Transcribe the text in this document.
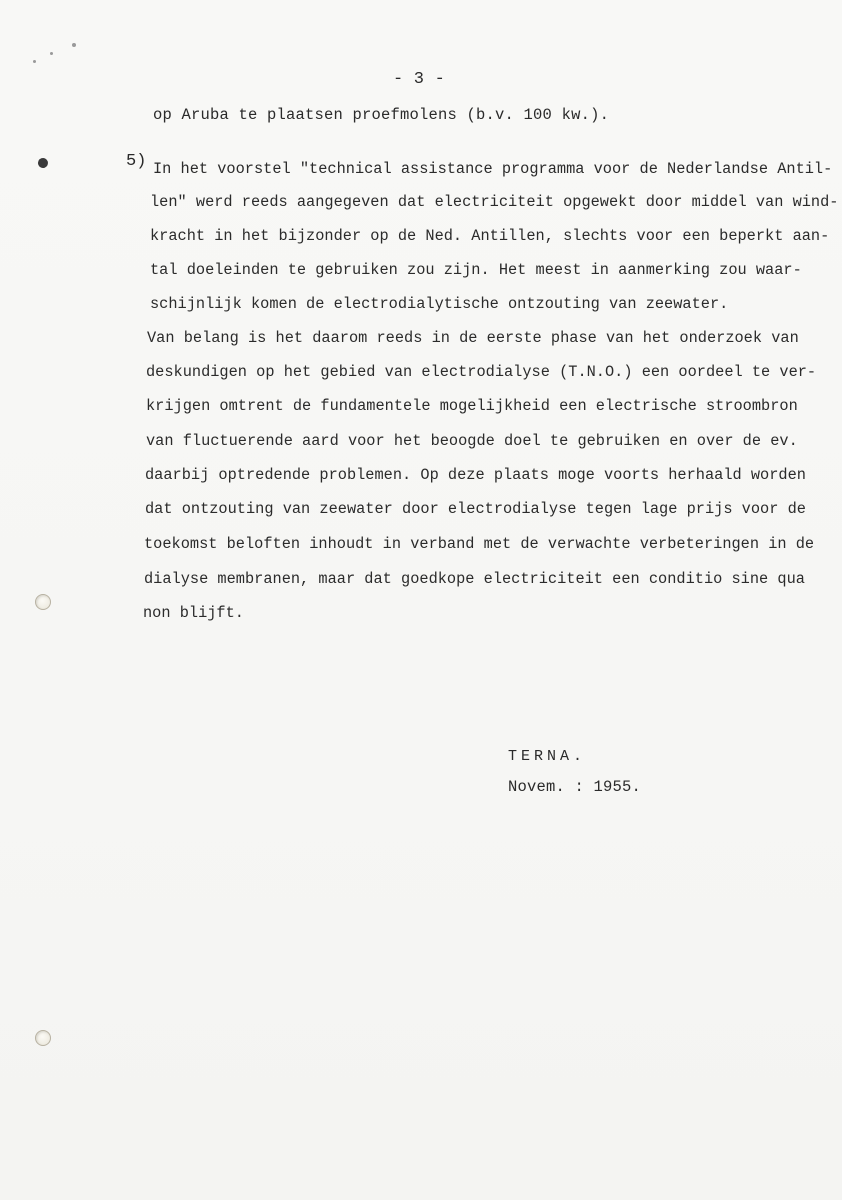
- 3 -
op Aruba te plaatsen proefmolens (b.v. 100 kw.).
5) In het voorstel "technical assistance programma voor de Nederlandse Antil-
len" werd reeds aangegeven dat electriciteit opgewekt door middel van wind-
kracht in het bijzonder op de Ned. Antillen, slechts voor een beperkt aan-
tal doeleinden te gebruiken zou zijn. Het meest in aanmerking zou waar-
schijnlijk komen de electrodialytische ontzouting van zeewater.
Van belang is het daarom reeds in de eerste phase van het onderzoek van
deskundigen op het gebied van electrodialyse (T.N.O.) een oordeel te ver-
krijgen omtrent de fundamentele mogelijkheid een electrische stroombron
van fluctuerende aard voor het beoogde doel te gebruiken en over de ev.
daarbij optredende problemen. Op deze plaats moge voorts herhaald worden
dat ontzouting van zeewater door electrodialyse tegen lage prijs voor de
toekomst beloften inhoudt in verband met de verwachte verbeteringen in de
dialyse membranen, maar dat goedkope electriciteit een conditio sine qua
non blijft.
TERNA.
Novem. : 1955.
